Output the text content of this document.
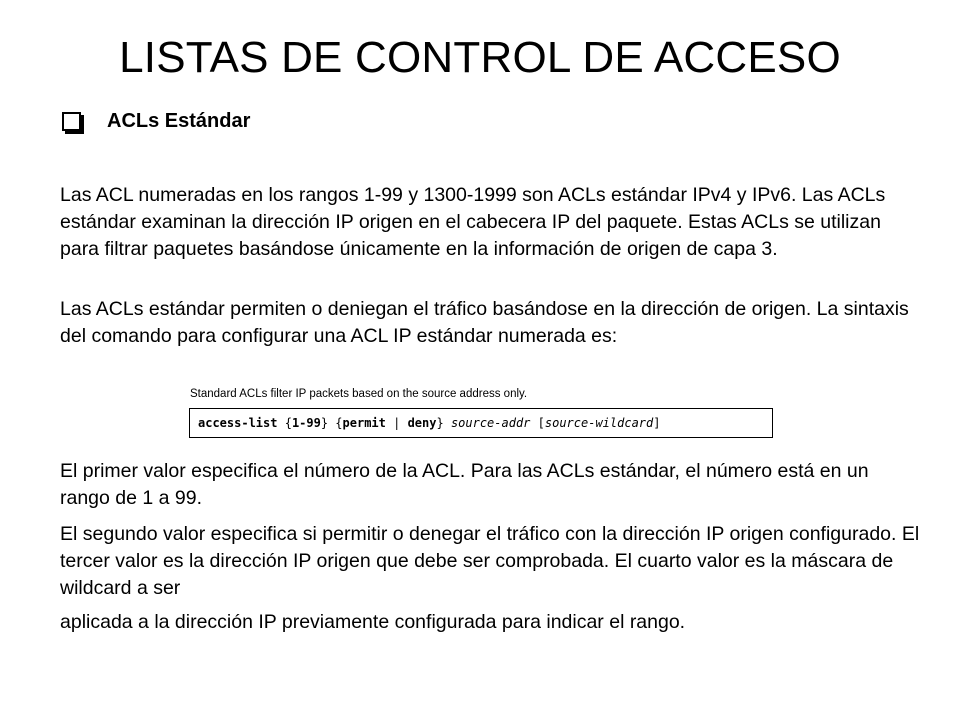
LISTAS DE CONTROL DE ACCESO
ACLs Estándar

Las ACL numeradas en los rangos 1-99 y 1300-1999 son ACLs estándar IPv4 y IPv6. Las ACLs estándar examinan la dirección IP origen en el cabecera IP del paquete. Estas ACLs se utilizan para filtrar paquetes basándose únicamente en la información de origen de capa 3.

Las ACLs estándar permiten o deniegan el tráfico basándose en la dirección de origen. La sintaxis del comando para configurar una ACL IP estándar numerada es:

Standard ACLs filter IP packets based on the source address only.

access-list {1-99} {permit | deny} source-addr [source-wildcard]

El primer valor especifica el número de la ACL. Para las ACLs estándar, el número está en un rango de 1 a 99.

El segundo valor especifica si permitir o denegar el tráfico con la dirección IP origen configurado. El tercer valor es la dirección IP origen que debe ser comprobada. El cuarto valor es la máscara de wildcard a ser

aplicada a la dirección IP previamente configurada para indicar el rango.
